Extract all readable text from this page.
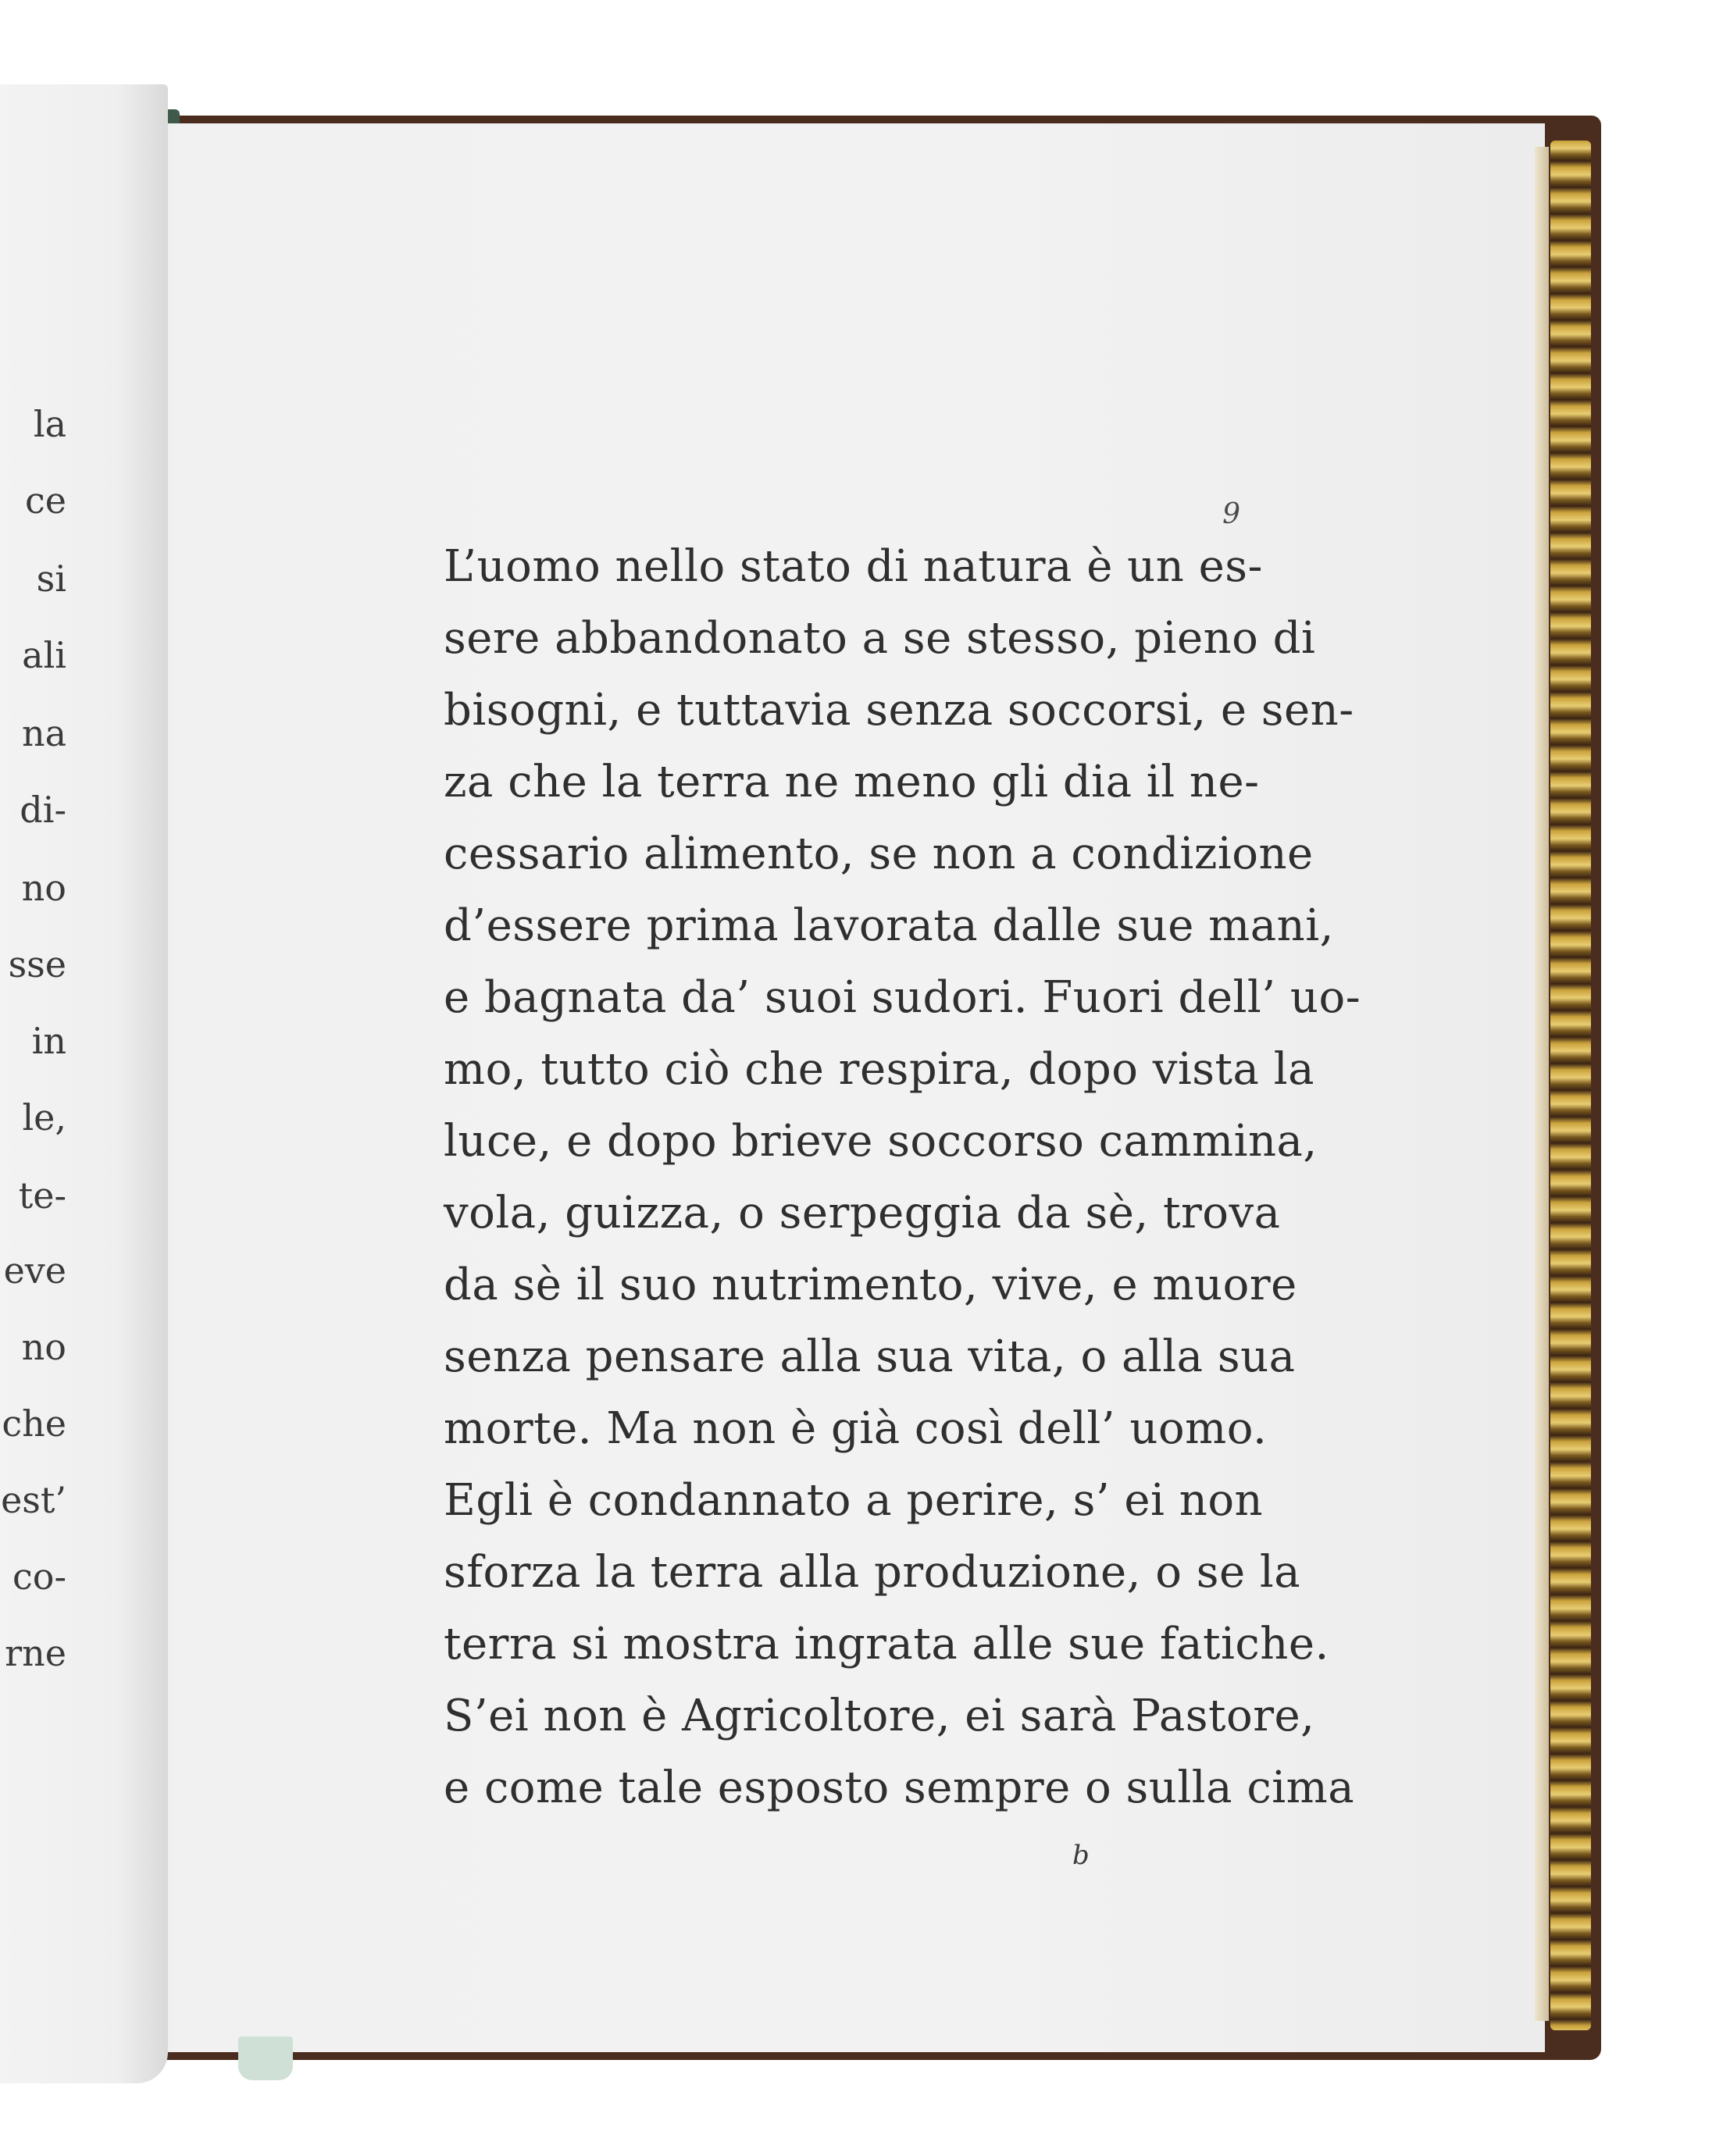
9
L’uomo nello stato di natura è un es-
sere abbandonato a se stesso, pieno di
bisogni, e tuttavia senza soccorsi, e sen-
za che la terra ne meno gli dia il ne-
cessario alimento, se non a condizione
d’essere prima lavorata dalle sue mani,
e bagnata da’ suoi sudori. Fuori dell’ uo-
mo, tutto ciò che respira, dopo vista la
luce, e dopo brieve soccorso cammina,
vola, guizza, o serpeggia da sè, trova
da sè il suo nutrimento, vive, e muore
senza pensare alla sua vita, o alla sua
morte. Ma non è già così dell’ uomo.
Egli è condannato a perire, s’ ei non
sforza la terra alla produzione, o se la
terra si mostra ingrata alle sue fatiche.
S’ei non è Agricoltore, ei sarà Pastore,
e come tale esposto sempre o sulla cima
b
la
ce
si
ali
na
di-
no
sse
in
le,
te-
eve
no
che
est’
co-
rne
